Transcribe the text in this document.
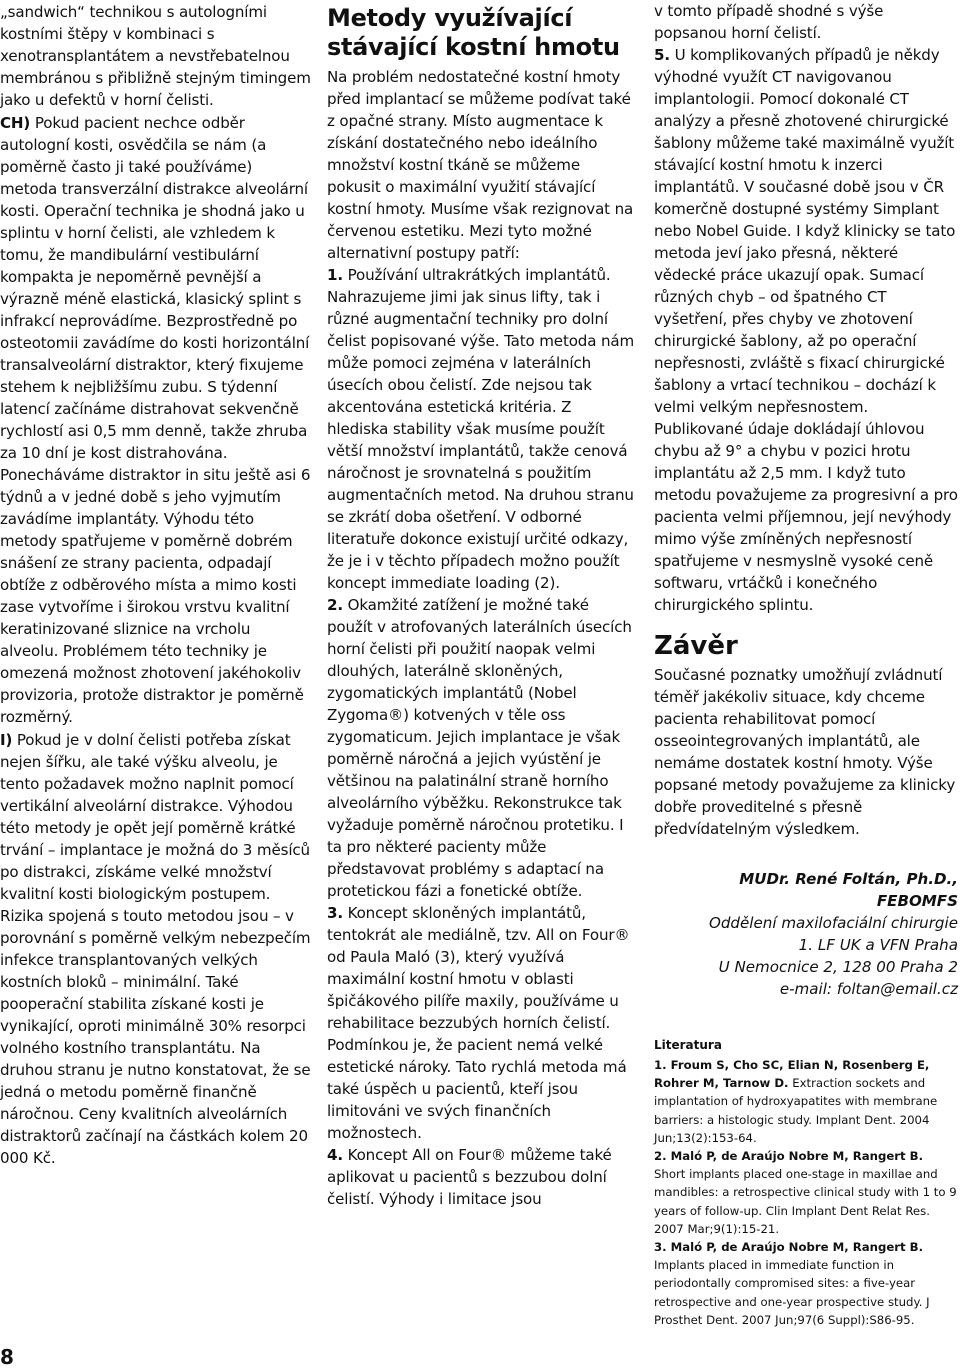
„sandwich“ technikou s autologními kostními štěpy v kombinaci s xenotransplantátem a nevstřebatelnou membránou s přibližně stejným timingem jako u defektů v horní čelisti.

CH) Pokud pacient nechce odběr autologní kosti, osvědčila se nám (a poměrně často ji také používáme) metoda transverzální distrakce alveolární kosti. Operační technika je shodná jako u splintu v horní čelisti, ale vzhledem k tomu, že mandibulární vestibulární kompakta je nepoměrně pevnější a výrazně méně elastická, klasický splint s infrakcí neprovádíme. Bezprostředně po osteotomii zavádíme do kosti horizontální transalveolární distraktor, který fixujeme stehem k nejbližšímu zubu. S týdenní latencí začínáme distrahovat sekvenčně rychlostí asi 0,5 mm denně, takže zhruba za 10 dní je kost distrahována. Ponecháváme distraktor in situ ještě asi 6 týdnů a v jedné době s jeho vyjmutím zavádíme implantáty. Výhodu této metody spatřujeme v poměrně dobrém snášení ze strany pacienta, odpadají obtíže z odběrového místa a mimo kosti zase vytvoříme i širokou vrstvu kvalitní keratinizované sliznice na vrcholu alveolu. Problémem této techniky je omezená možnost zhotovení jakéhokoliv provizoria, protože distraktor je poměrně rozměrný.

I) Pokud je v dolní čelisti potřeba získat nejen šířku, ale také výšku alveolu, je tento požadavek možno naplnit pomocí vertikální alveolární distrakce. Výhodou této metody je opět její poměrně krátké trvání – implantace je možná do 3 měsíců po distrakci, získáme velké množství kvalitní kosti biologickým postupem. Rizika spojená s touto metodou jsou – v porovnání s poměrně velkým nebezpečím infekce transplantovaných velkých kostních bloků – minimální. Také pooperační stabilita získané kosti je vynikající, oproti minimálně 30% resorpci volného kostního transplantátu. Na druhou stranu je nutno konstatovat, že se jedná o metodu poměrně finančně náročnou. Ceny kvalitních alveolárních distraktorů začínají na částkách kolem 20 000 Kč.

Metody využívající stávající kostní hmotu

Na problém nedostatečné kostní hmoty před implantací se můžeme podívat také z opačné strany. Místo augmentace k získání dostatečného nebo ideálního množství kostní tkáně se můžeme pokusit o maximální využití stávající kostní hmoty. Musíme však rezignovat na červenou estetiku. Mezi tyto možné alternativní postupy patří:

1. Používání ultrakrátkých implantátů. Nahrazujeme jimi jak sinus lifty, tak i různé augmentační techniky pro dolní čelist popisované výše. Tato metoda nám může pomoci zejména v laterálních úsecích obou čelistí. Zde nejsou tak akcentována estetická kritéria. Z hlediska stability však musíme použít větší množství implantátů, takže cenová náročnost je srovnatelná s použitím augmentačních metod. Na druhou stranu se zkrátí doba ošetření. V odborné literatuře dokonce existují určité odkazy, že je i v těchto případech možno použít koncept immediate loading (2).

2. Okamžité zatížení je možné také použít v atrofovaných laterálních úsecích horní čelisti při použití naopak velmi dlouhých, laterálně skloněných, zygomatických implantátů (Nobel Zygoma®) kotvených v těle oss zygomaticum. Jejich implantace je však poměrně náročná a jejich vyústění je většinou na palatinální straně horního alveolárního výběžku. Rekonstrukce tak vyžaduje poměrně náročnou protetiku. I ta pro některé pacienty může představovat problémy s adaptací na protetickou fázi a fonetické obtíže.

3. Koncept skloněných implantátů, tentokrát ale mediálně, tzv. All on Four® od Paula Maló (3), který využívá maximální kostní hmotu v oblasti špičákového pilíře maxily, používáme u rehabilitace bezzubých horních čelistí. Podmínkou je, že pacient nemá velké estetické nároky. Tato rychlá metoda má také úspěch u pacientů, kteří jsou limitováni ve svých finančních možnostech.

4. Koncept All on Four® můžeme také aplikovat u pacientů s bezzubou dolní čelistí. Výhody i limitace jsou

v tomto případě shodné s výše popsanou horní čelistí.

5. U komplikovaných případů je někdy výhodné využít CT navigovanou implantologii. Pomocí dokonalé CT analýzy a přesně zhotovené chirurgické šablony můžeme také maximálně využít stávající kostní hmotu k inzerci implantátů. V současné době jsou v ČR komerčně dostupné systémy Simplant nebo Nobel Guide. I když klinicky se tato metoda jeví jako přesná, některé vědecké práce ukazují opak. Sumací různých chyb – od špatného CT vyšetření, přes chyby ve zhotovení chirurgické šablony, až po operační nepřesnosti, zvláště s fixací chirurgické šablony a vrtací technikou – dochází k velmi velkým nepřesnostem. Publikované údaje dokládají úhlovou chybu až 9° a chybu v pozici hrotu implantátu až 2,5 mm. I když tuto metodu považujeme za progresivní a pro pacienta velmi příjemnou, její nevýhody mimo výše zmíněných nepřesností spatřujeme v nesmyslně vysoké ceně softwaru, vrtáčků i konečného chirurgického splintu.

Závěr

Současné poznatky umožňují zvládnutí téměř jakékoliv situace, kdy chceme pacienta rehabilitovat pomocí osseointegrovaných implantátů, ale nemáme dostatek kostní hmoty. Výše popsané metody považujeme za klinicky dobře proveditelné s přesně předvídatelným výsledkem.

MUDr. René Foltán, Ph.D., FEBOMFS
Oddělení maxilofaciální chirurgie
1. LF UK a VFN Praha
U Nemocnice 2, 128 00 Praha 2
e-mail: foltan@email.cz
Literatura

1. Froum S, Cho SC, Elian N, Rosenberg E, Rohrer M, Tarnow D. Extraction sockets and implantation of hydroxyapatites with membrane barriers: a histologic study. Implant Dent. 2004 Jun;13(2):153-64.

2. Maló P, de Araújo Nobre M, Rangert B. Short implants placed one-stage in maxillae and mandibles: a retrospective clinical study with 1 to 9 years of follow-up. Clin Implant Dent Relat Res. 2007 Mar;9(1):15-21.

3. Maló P, de Araújo Nobre M, Rangert B. Implants placed in immediate function in periodontally compromised sites: a five-year retrospective and one-year prospective study. J Prosthet Dent. 2007 Jun;97(6 Suppl):S86-95.

8
